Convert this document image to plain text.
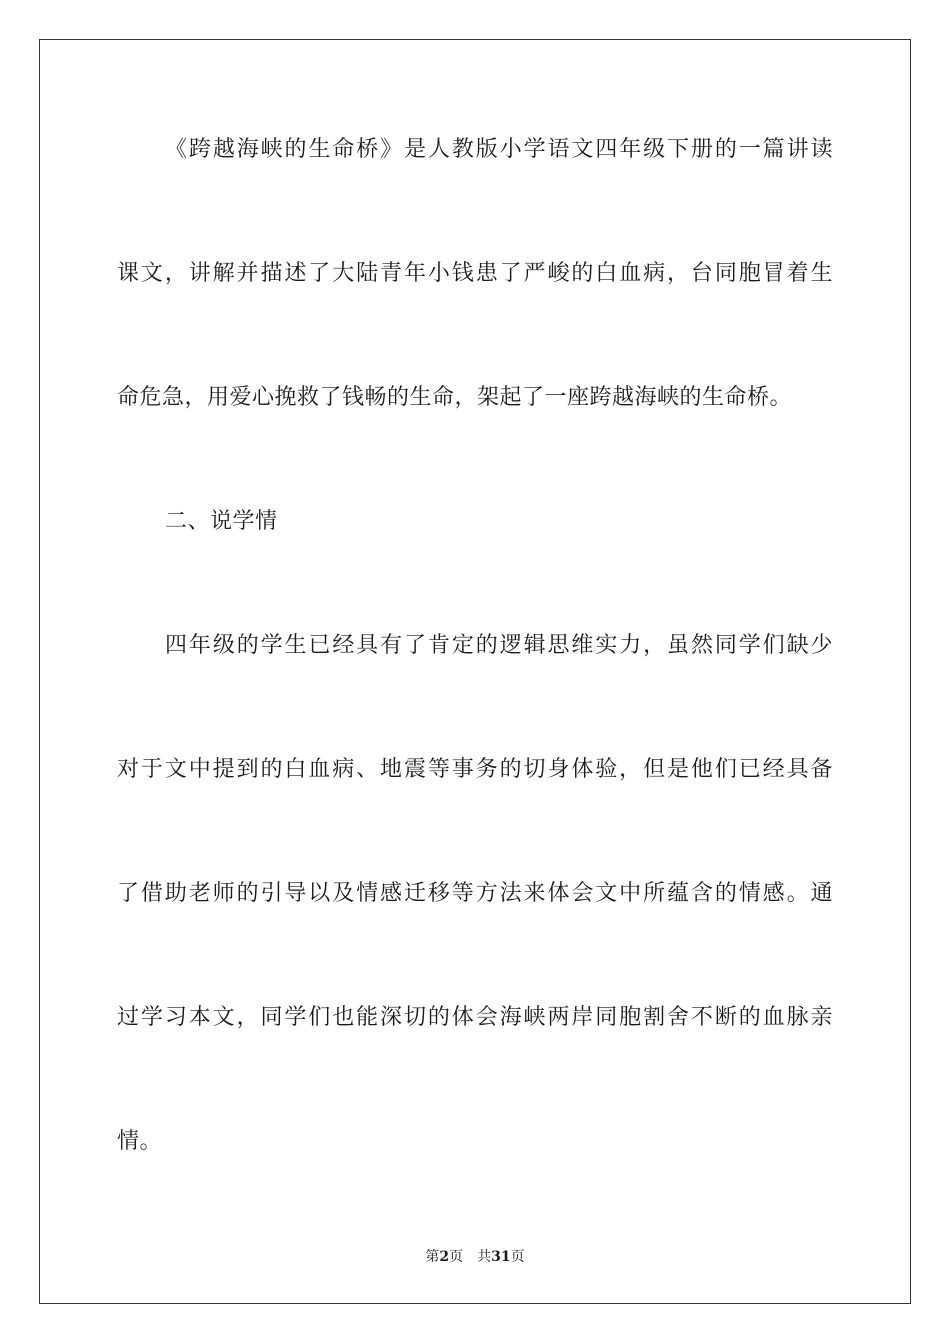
《跨越海峡的生命桥》是人教版小学语文四年级下册的一篇讲读
课文，讲解并描述了大陆青年小钱患了严峻的白血病，台同胞冒着生
命危急，用爱心挽救了钱畅的生命，架起了一座跨越海峡的生命桥。
二、说学情
四年级的学生已经具有了肯定的逻辑思维实力，虽然同学们缺少
对于文中提到的白血病、地震等事务的切身体验，但是他们已经具备
了借助老师的引导以及情感迁移等方法来体会文中所蕴含的情感。通
过学习本文，同学们也能深切的体会海峡两岸同胞割舍不断的血脉亲
情。
第2页 共31页
